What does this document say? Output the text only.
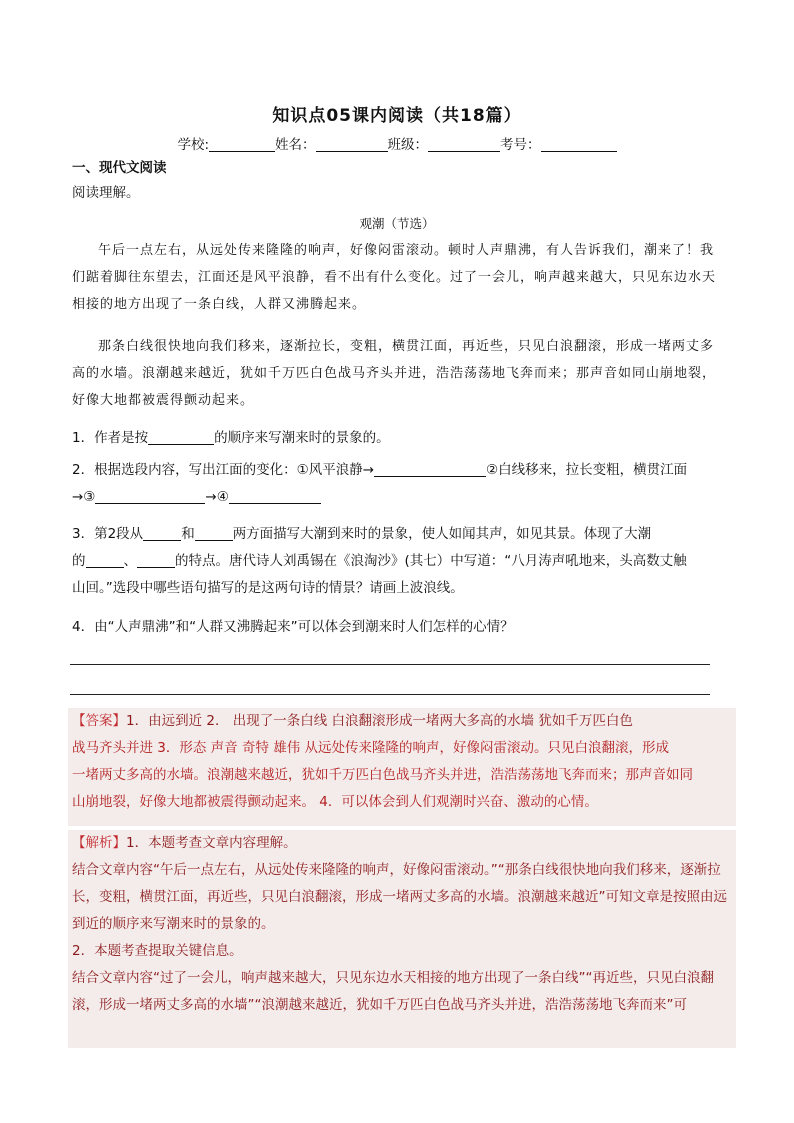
知识点05课内阅读（共18篇）
学校:	姓名：	班级：	考号：
一、现代文阅读
阅读理解。
观潮（节选）

午后一点左右，从远处传来隆隆的响声，好像闷雷滚动。顿时人声鼎沸，有人告诉我们，潮来了！我们踮着脚往东望去，江面还是风平浪静，看不出有什么变化。过了一会儿，响声越来越大，只见东边水天相接的地方出现了一条白线，人群又沸腾起来。

那条白线很快地向我们移来，逐渐拉长，变粗，横贯江面，再近些，只见白浪翻滚，形成一堵两丈多高的水墙。浪潮越来越近，犹如千万匹白色战马齐头并进，浩浩荡荡地飞奔而来；那声音如同山崩地裂，好像大地都被震得颤动起来。

1．作者是按	的顺序来写潮来时的景象的。

2．根据选段内容，写出江面的变化：①风平浪静→	②白线移来，拉长变粗，横贯江面
→③	→④

3．第2段从	和	两方面描写大潮到来时的景象，使人如闻其声，如见其景。体现了大潮
的	、	的特点。唐代诗人刘禹锡在《浪淘沙》(其七）中写道：“八月涛声吼地来，头高数丈触
山回。”选段中哪些语句描写的是这两句诗的情景？请画上波浪线。

4．由“人声鼎沸”和“人群又沸腾起来”可以体会到潮来时人们怎样的心情？

【答案】1．由远到近 2． 出现了一条白线 白浪翻滚形成一堵两大多高的水墙 犹如千万匹白色
战马齐头并进 3．形态 声音 奇特 雄伟 从远处传来隆隆的响声，好像闷雷滚动。只见白浪翻滚，形成
一堵两丈多高的水墙。浪潮越来越近，犹如千万匹白色战马齐头并进，浩浩荡荡地飞奔而来；那声音如同
山崩地裂，好像大地都被震得颤动起来。 4．可以体会到人们观潮时兴奋、激动的心情。
【解析】1．本题考查文章内容理解。
结合文章内容“午后一点左右，从远处传来隆隆的响声，好像闷雷滚动。”“那条白线很快地向我们移来，逐渐拉长，变粗，横贯江面，再近些，只见白浪翻滚，形成一堵两丈多高的水墙。浪潮越来越近”可知文章是按照由远到近的顺序来写潮来时的景象的。
2．本题考查提取关键信息。
结合文章内容“过了一会儿，响声越来越大，只见东边水天相接的地方出现了一条白线”“再近些，只见白浪翻滚，形成一堵两丈多高的水墙”“浪潮越来越近，犹如千万匹白色战马齐头并进，浩浩荡荡地飞奔而来”可
